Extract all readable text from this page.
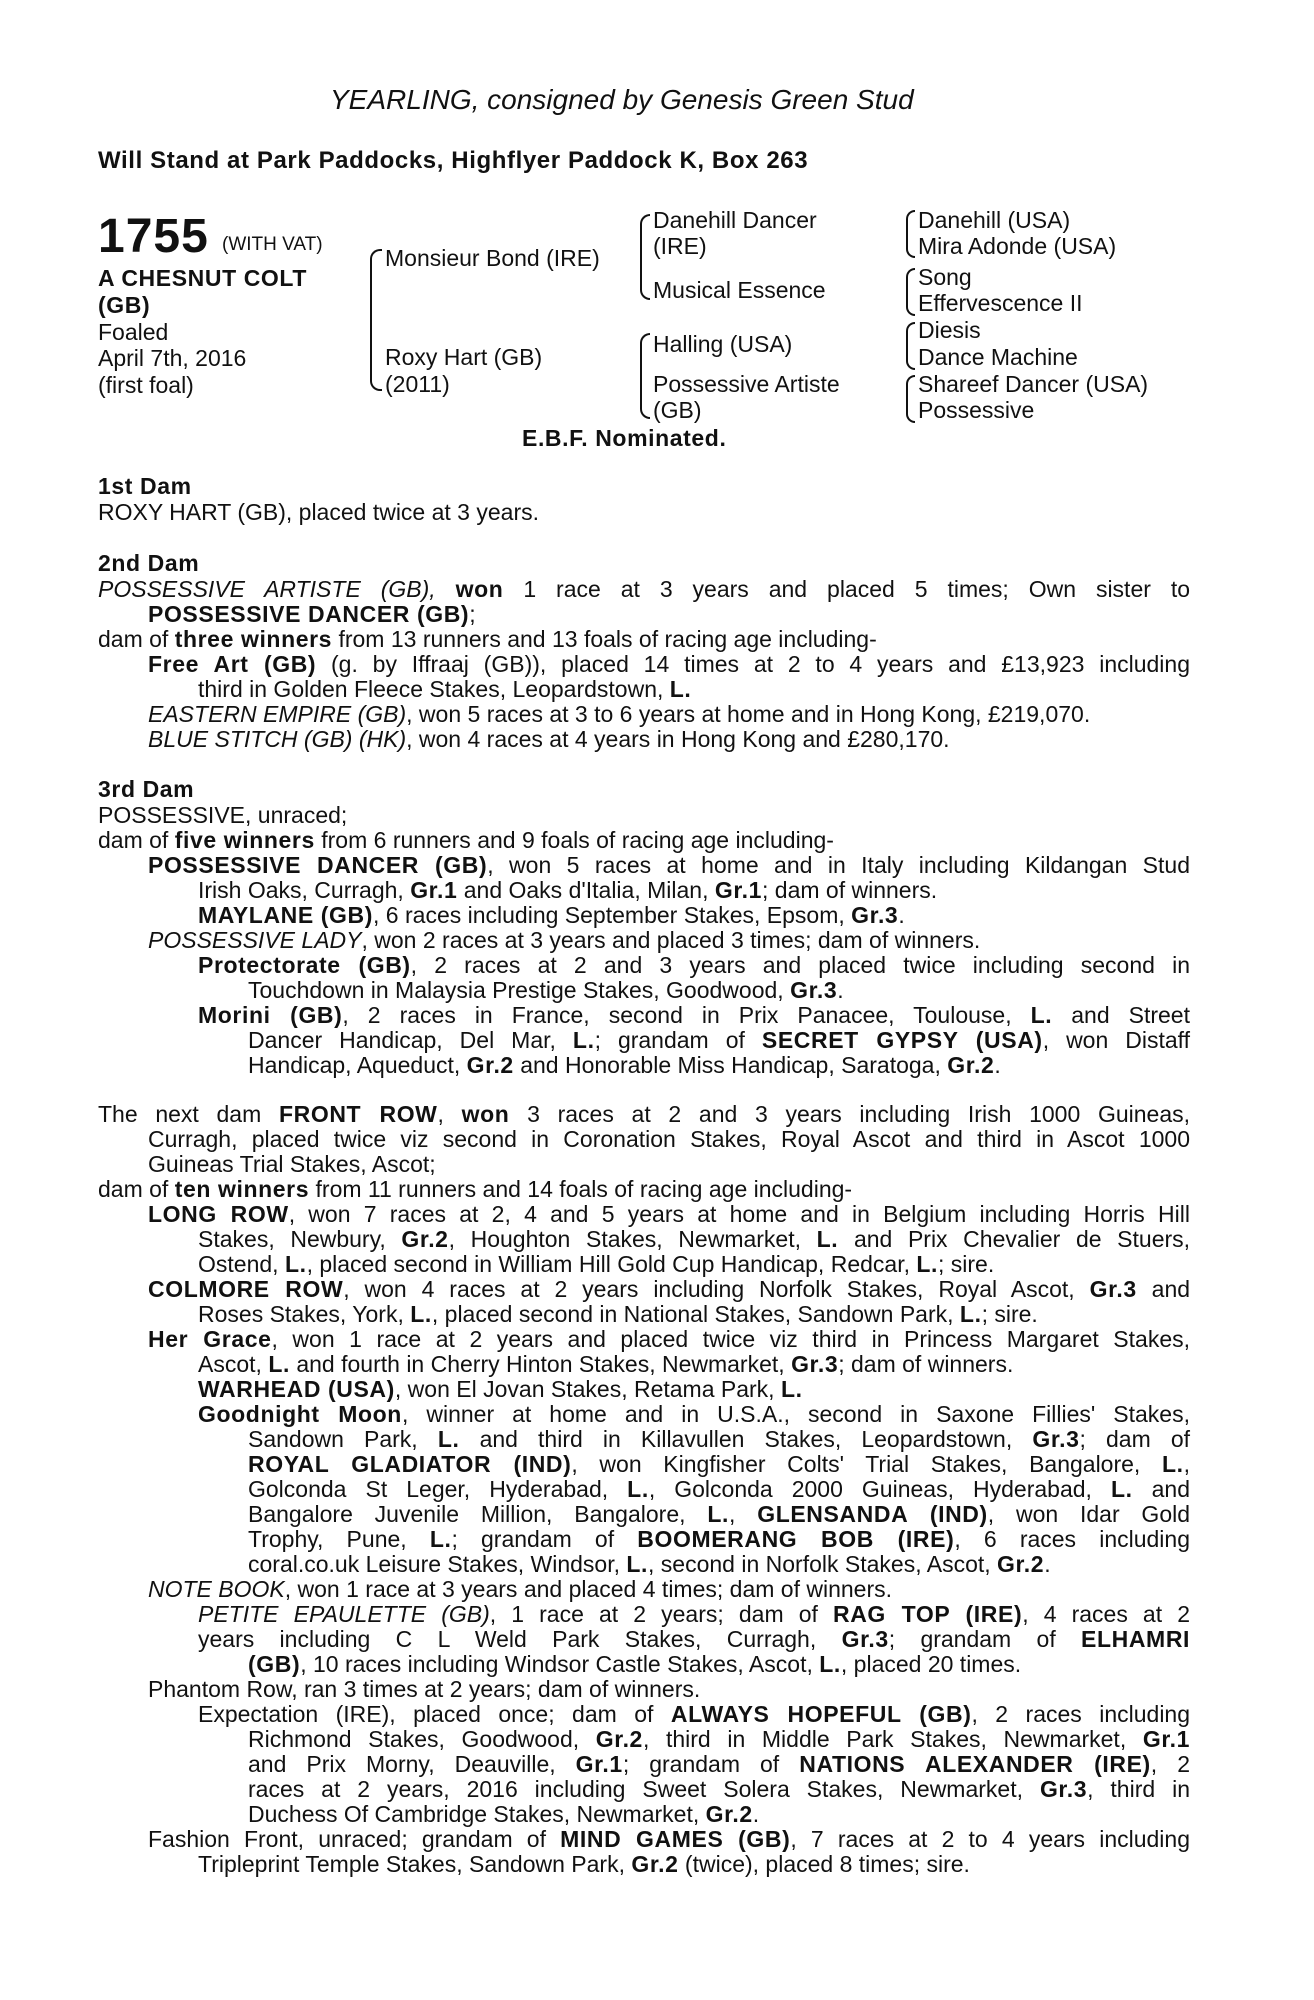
YEARLING, consigned by Genesis Green Stud
Will Stand at Park Paddocks, Highflyer Paddock K, Box 263
1755 (WITH VAT)
A CHESNUT COLT
(GB)
Foaled
April 7th, 2016
(first foal)
Monsieur Bond (IRE)
Roxy Hart (GB)
(2011)
Danehill Dancer
(IRE)
Musical Essence
Halling (USA)
Possessive Artiste
(GB)
Danehill (USA)
Mira Adonde (USA)
Song
Effervescence II
Diesis
Dance Machine
Shareef Dancer (USA)
Possessive
E.B.F. Nominated.
1st Dam
ROXY HART (GB), placed twice at 3 years.
2nd Dam
POSSESSIVE ARTISTE (GB), won 1 race at 3 years and placed 5 times; Own sister to
POSSESSIVE DANCER (GB);
dam of three winners from 13 runners and 13 foals of racing age including-
Free Art (GB) (g. by Iffraaj (GB)), placed 14 times at 2 to 4 years and £13,923 including
third in Golden Fleece Stakes, Leopardstown, L.
EASTERN EMPIRE (GB), won 5 races at 3 to 6 years at home and in Hong Kong, £219,070.
BLUE STITCH (GB) (HK), won 4 races at 4 years in Hong Kong and £280,170.
3rd Dam
POSSESSIVE, unraced;
dam of five winners from 6 runners and 9 foals of racing age including-
POSSESSIVE DANCER (GB), won 5 races at home and in Italy including Kildangan Stud
Irish Oaks, Curragh, Gr.1 and Oaks d'Italia, Milan, Gr.1; dam of winners.
MAYLANE (GB), 6 races including September Stakes, Epsom, Gr.3.
POSSESSIVE LADY, won 2 races at 3 years and placed 3 times; dam of winners.
Protectorate (GB), 2 races at 2 and 3 years and placed twice including second in
Touchdown in Malaysia Prestige Stakes, Goodwood, Gr.3.
Morini (GB), 2 races in France, second in Prix Panacee, Toulouse, L. and Street
Dancer Handicap, Del Mar, L.; grandam of SECRET GYPSY (USA), won Distaff
Handicap, Aqueduct, Gr.2 and Honorable Miss Handicap, Saratoga, Gr.2.
The next dam FRONT ROW, won 3 races at 2 and 3 years including Irish 1000 Guineas,
Curragh, placed twice viz second in Coronation Stakes, Royal Ascot and third in Ascot 1000
Guineas Trial Stakes, Ascot;
dam of ten winners from 11 runners and 14 foals of racing age including-
LONG ROW, won 7 races at 2, 4 and 5 years at home and in Belgium including Horris Hill
Stakes, Newbury, Gr.2, Houghton Stakes, Newmarket, L. and Prix Chevalier de Stuers,
Ostend, L., placed second in William Hill Gold Cup Handicap, Redcar, L.; sire.
COLMORE ROW, won 4 races at 2 years including Norfolk Stakes, Royal Ascot, Gr.3 and
Roses Stakes, York, L., placed second in National Stakes, Sandown Park, L.; sire.
Her Grace, won 1 race at 2 years and placed twice viz third in Princess Margaret Stakes,
Ascot, L. and fourth in Cherry Hinton Stakes, Newmarket, Gr.3; dam of winners.
WARHEAD (USA), won El Jovan Stakes, Retama Park, L.
Goodnight Moon, winner at home and in U.S.A., second in Saxone Fillies' Stakes,
Sandown Park, L. and third in Killavullen Stakes, Leopardstown, Gr.3; dam of
ROYAL GLADIATOR (IND), won Kingfisher Colts' Trial Stakes, Bangalore, L.,
Golconda St Leger, Hyderabad, L., Golconda 2000 Guineas, Hyderabad, L. and
Bangalore Juvenile Million, Bangalore, L., GLENSANDA (IND), won Idar Gold
Trophy, Pune, L.; grandam of BOOMERANG BOB (IRE), 6 races including
coral.co.uk Leisure Stakes, Windsor, L., second in Norfolk Stakes, Ascot, Gr.2.
NOTE BOOK, won 1 race at 3 years and placed 4 times; dam of winners.
PETITE EPAULETTE (GB), 1 race at 2 years; dam of RAG TOP (IRE), 4 races at 2
years including C L Weld Park Stakes, Curragh, Gr.3; grandam of ELHAMRI
(GB), 10 races including Windsor Castle Stakes, Ascot, L., placed 20 times.
Phantom Row, ran 3 times at 2 years; dam of winners.
Expectation (IRE), placed once; dam of ALWAYS HOPEFUL (GB), 2 races including
Richmond Stakes, Goodwood, Gr.2, third in Middle Park Stakes, Newmarket, Gr.1
and Prix Morny, Deauville, Gr.1; grandam of NATIONS ALEXANDER (IRE), 2
races at 2 years, 2016 including Sweet Solera Stakes, Newmarket, Gr.3, third in
Duchess Of Cambridge Stakes, Newmarket, Gr.2.
Fashion Front, unraced; grandam of MIND GAMES (GB), 7 races at 2 to 4 years including
Tripleprint Temple Stakes, Sandown Park, Gr.2 (twice), placed 8 times; sire.
